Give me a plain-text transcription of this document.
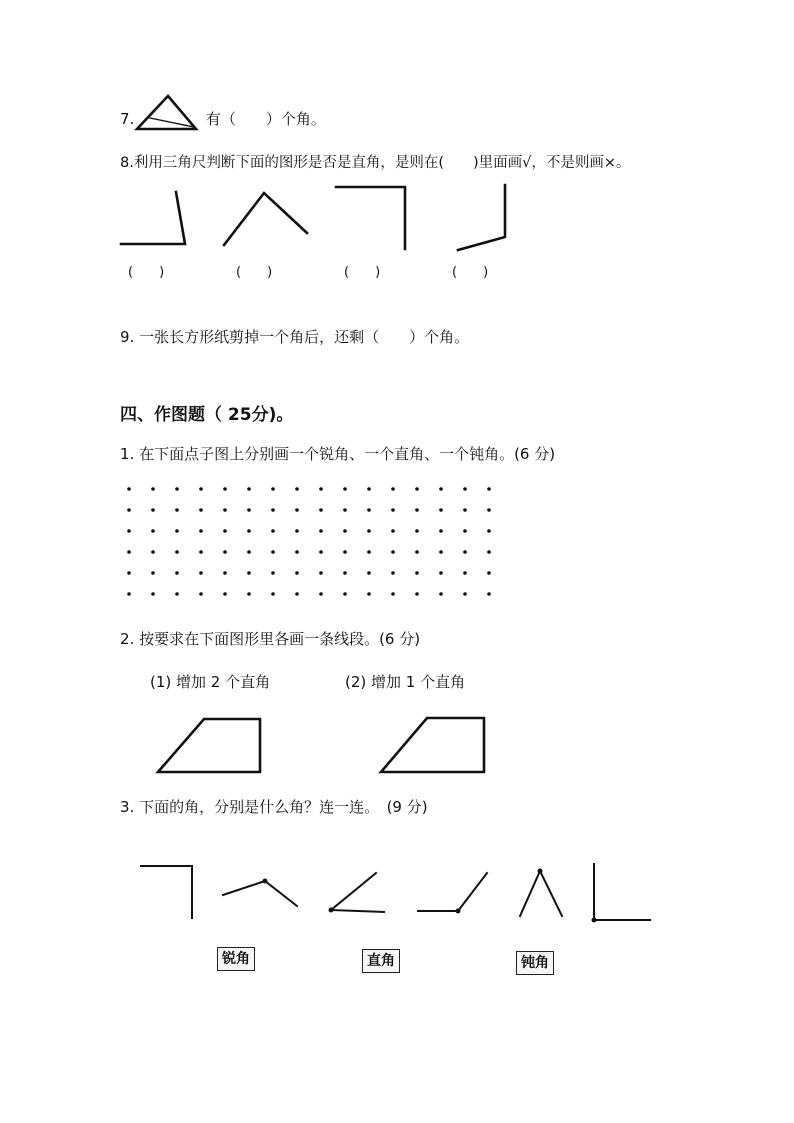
7.	有（　　）个角。
8.利用三角尺判断下面的图形是否是直角，是则在(　　)里面画√，不是则画×。
(　　)	(　　)	(　　)	(　　)
9. 一张长方形纸剪掉一个角后，还剩（　　）个角。
四、作图题（ 25分)。
1. 在下面点子图上分别画一个锐角、一个直角、一个钝角。(6 分)
2. 按要求在下面图形里各画一条线段。(6 分)
(1) 增加 2 个直角	(2) 增加 1 个直角
3. 下面的角，分别是什么角？连一连。　(9 分)
锐角	直角	钝角
